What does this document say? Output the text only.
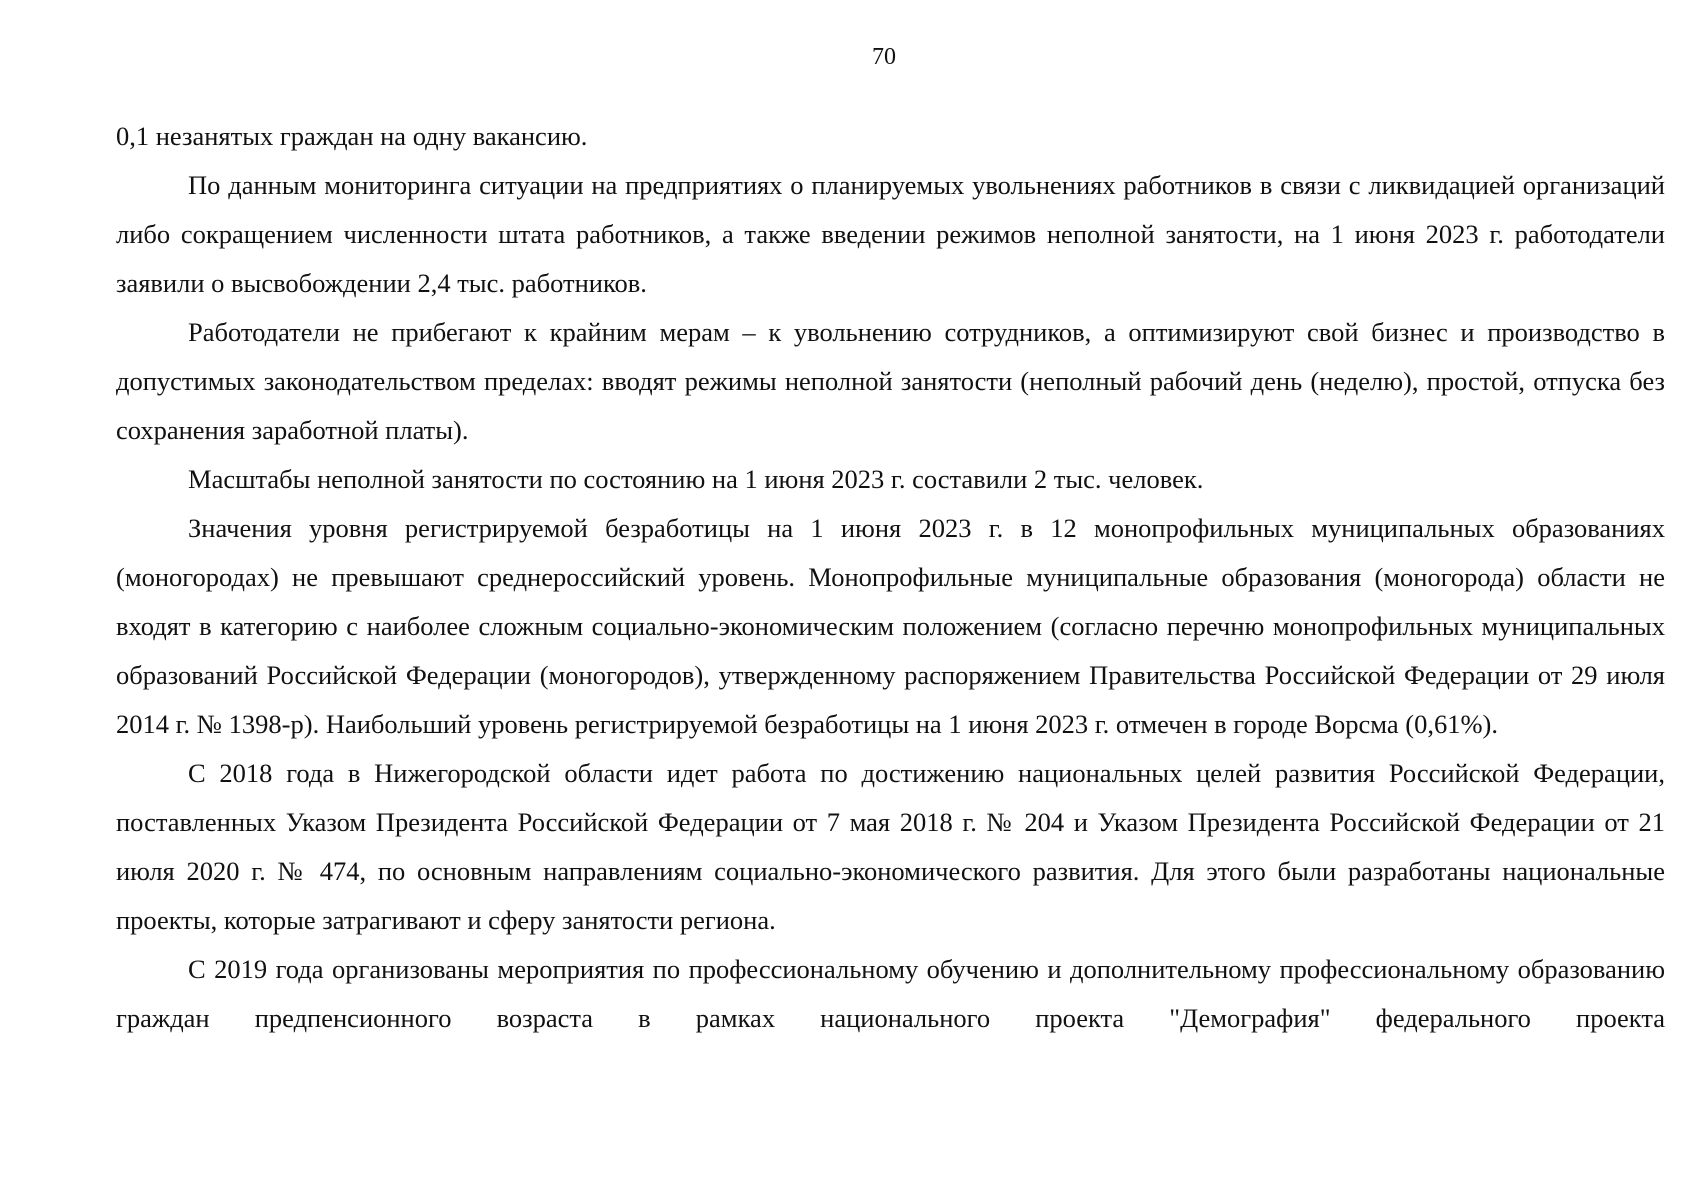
70

0,1 незанятых граждан на одну вакансию.

По данным мониторинга ситуации на предприятиях о планируемых увольнениях работников в связи с ликвидацией организаций либо сокращением численности штата работников, а также введении режимов неполной занятости, на 1 июня 2023 г. работодатели заявили о высвобождении 2,4 тыс. работников.

Работодатели не прибегают к крайним мерам – к увольнению сотрудников, а оптимизируют свой бизнес и производство в допустимых законодательством пределах: вводят режимы неполной занятости (неполный рабочий день (неделю), простой, отпуска без сохранения заработной платы).

Масштабы неполной занятости по состоянию на 1 июня 2023 г. составили 2 тыс. человек.

Значения уровня регистрируемой безработицы на 1 июня 2023 г. в 12 монопрофильных муниципальных образованиях (моногородах) не превышают среднероссийский уровень. Монопрофильные муниципальные образования (моногорода) области не входят в категорию с наиболее сложным социально-экономическим положением (согласно перечню монопрофильных муниципальных образований Российской Федерации (моногородов), утвержденному распоряжением Правительства Российской Федерации от 29 июля 2014 г. № 1398-р). Наибольший уровень регистрируемой безработицы на 1 июня 2023 г. отмечен в городе Ворсма (0,61%).

С 2018 года в Нижегородской области идет работа по достижению национальных целей развития Российской Федерации, поставленных Указом Президента Российской Федерации от 7 мая 2018 г. № 204 и Указом Президента Российской Федерации от 21 июля 2020 г. № 474, по основным направлениям социально-экономического развития. Для этого были разработаны национальные проекты, которые затрагивают и сферу занятости региона.

С 2019 года организованы мероприятия по профессиональному обучению и дополнительному профессиональному образованию граждан предпенсионного возраста в рамках национального проекта "Демография" федерального проекта
